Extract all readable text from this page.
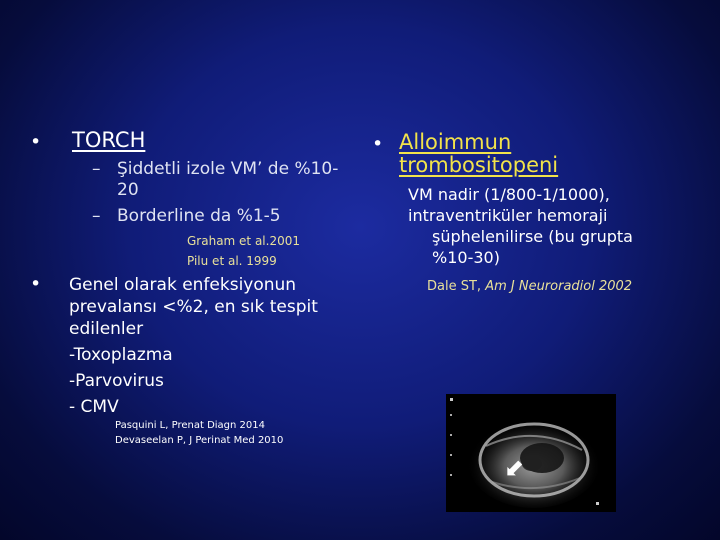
• TORCH
– Şiddetli izole VM’ de %10-
20
– Borderline da %1-5
Graham et al.2001
Pilu et al. 1999
• Genel olarak enfeksiyonun
prevalansı <%2, en sık tespit
edilenler
-Toxoplazma
-Parvovirus
- CMV
Pasquini L, Prenat Diagn 2014
Devaseelan P, J Perinat Med 2010
• Alloimmun
trombositopeni
VM nadir (1/800-1/1000),
intraventriküler hemoraji
şüphelenilirse (bu grupta
%10-30)
Dale ST, Am J Neuroradiol 2002
⬋
